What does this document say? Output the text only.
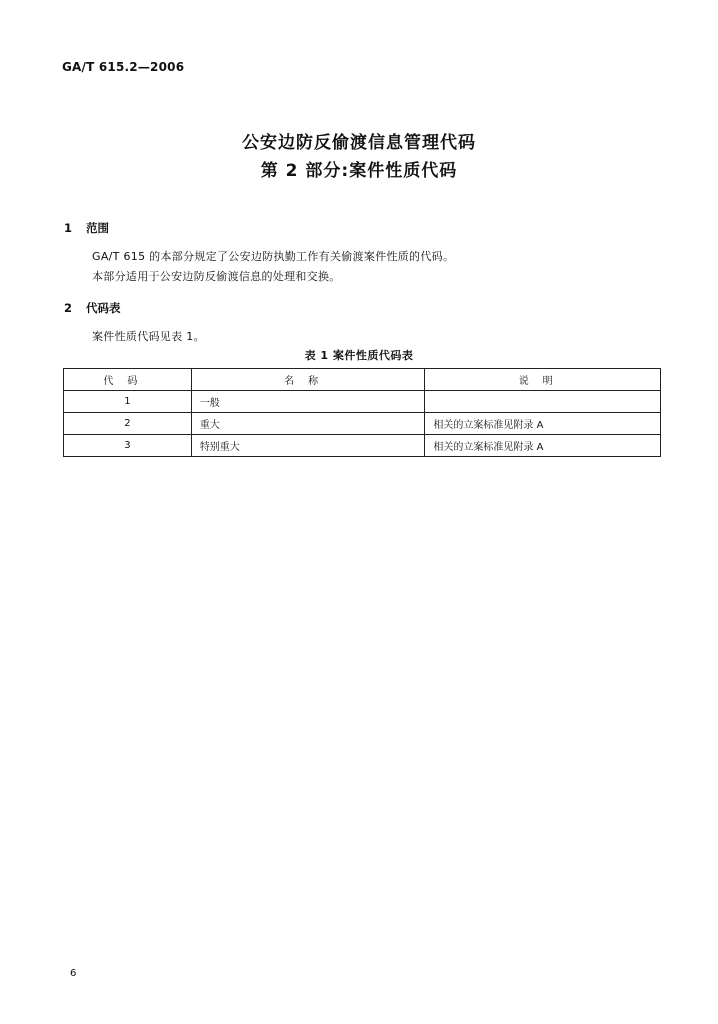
GA/T 615.2—2006
公安边防反偷渡信息管理代码
第 2 部分:案件性质代码
1 范围
GA/T 615 的本部分规定了公安边防执勤工作有关偷渡案件性质的代码。
本部分适用于公安边防反偷渡信息的处理和交换。
2 代码表
案件性质代码见表 1。
表 1 案件性质代码表
代码	名称	说明
1	一般	
2	重大	相关的立案标准见附录 A
3	特别重大	相关的立案标准见附录 A
6
